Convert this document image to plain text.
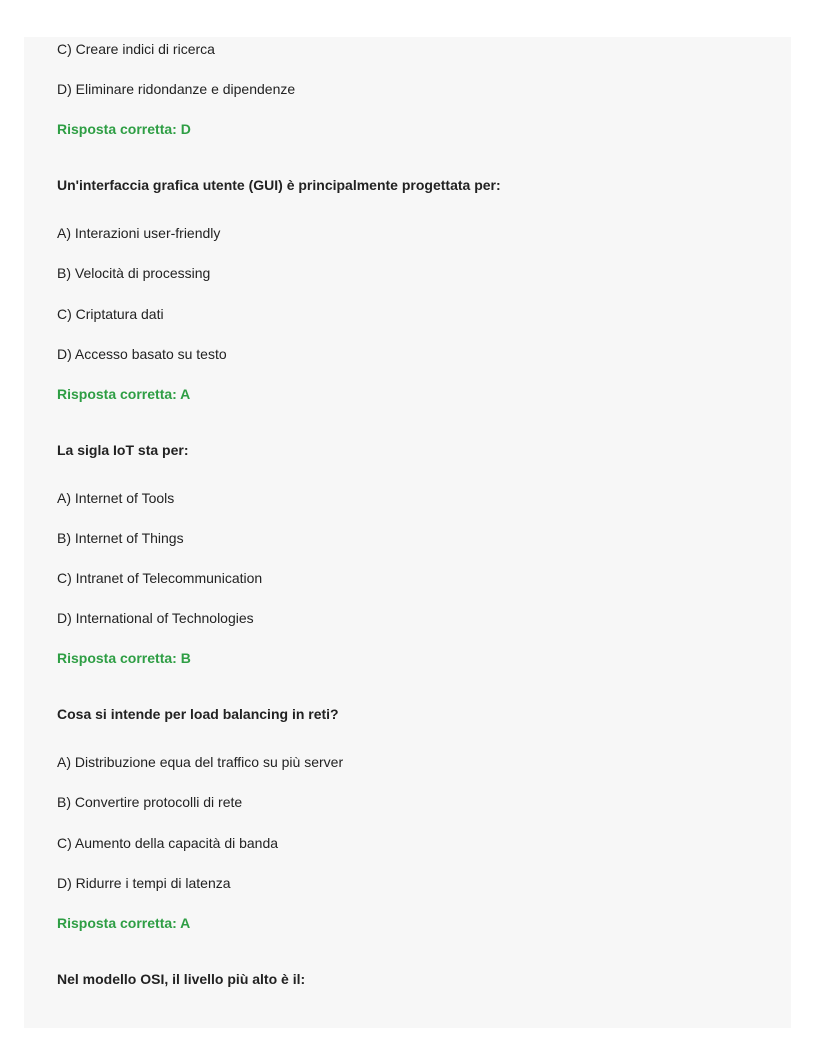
C) Creare indici di ricerca
D) Eliminare ridondanze e dipendenze
Risposta corretta: D
Un'interfaccia grafica utente (GUI) è principalmente progettata per:
A) Interazioni user-friendly
B) Velocità di processing
C) Criptatura dati
D) Accesso basato su testo
Risposta corretta: A
La sigla IoT sta per:
A) Internet of Tools
B) Internet of Things
C) Intranet of Telecommunication
D) International of Technologies
Risposta corretta: B
Cosa si intende per load balancing in reti?
A) Distribuzione equa del traffico su più server
B) Convertire protocolli di rete
C) Aumento della capacità di banda
D) Ridurre i tempi di latenza
Risposta corretta: A
Nel modello OSI, il livello più alto è il:
